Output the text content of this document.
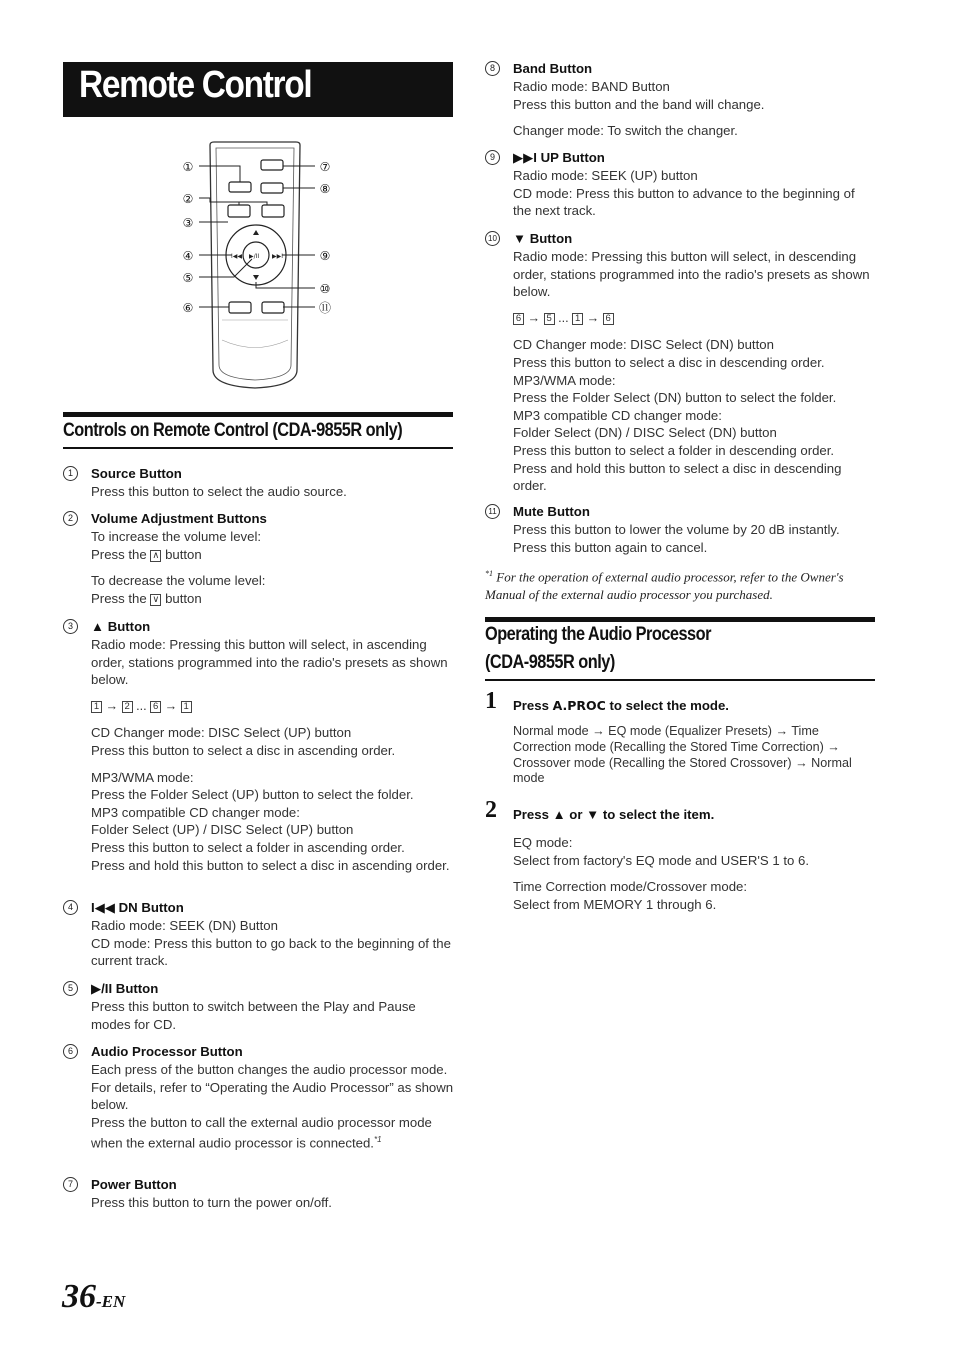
Remote Control
I◀◀	▶▶I
▶/II
①
②
③
④
⑤
⑥
⑦
⑧
⑨
⑩
⑪
Controls on Remote Control (CDA-9855R only)
1	Source Button

Press this button to select the audio source.

2	Volume Adjustment Buttons

To increase the volume level:

Press the ∧ button

To decrease the volume level:

Press the ∨ button

3	▲ Button

Radio mode: Pressing this button will select, in ascending order, stations programmed into the radio's presets as shown below.

1 → 2 ... 6 → 1

CD Changer mode: DISC Select (UP) button

Press this button to select a disc in ascending order.

MP3/WMA mode:

Press the Folder Select (UP) button to select the folder.

MP3 compatible CD changer mode:

Folder Select (UP) / DISC Select (UP) button

Press this button to select a folder in ascending order.

Press and hold this button to select a disc in ascending order.

4	I◀◀ DN Button

Radio mode: SEEK (DN) Button

CD mode: Press this button to go back to the beginning of the current track.

5	▶/II Button

Press this button to switch between the Play and Pause modes for CD.

6	Audio Processor Button

Each press of the button changes the audio processor mode.

For details, refer to “Operating the Audio Processor” as shown below.

Press the button to call the external audio processor mode when the external audio processor is connected.$^{*1}$

7	Power Button

Press this button to turn the power on/off.

8	Band Button

Radio mode: BAND Button

Press this button and the band will change.

Changer mode: To switch the changer.

9	▶▶I UP Button

Radio mode: SEEK (UP) button

CD mode: Press this button to advance to the beginning of the next track.

10 ▼ Button

Radio mode: Pressing this button will select, in descending order, stations programmed into the radio's presets as shown below.

6 → 5 ... 1 → 6

CD Changer mode: DISC Select (DN) button

Press this button to select a disc in descending order.

MP3/WMA mode:

Press the Folder Select (DN) button to select the folder.

MP3 compatible CD changer mode:

Folder Select (DN) / DISC Select (DN) button

Press this button to select a folder in descending order.

Press and hold this button to select a disc in descending order.

11 Mute Button

Press this button to lower the volume by 20 dB instantly.

Press this button again to cancel.

$^{*1}$ For the operation of external audio processor, refer to the Owner's Manual of the external audio processor you purchased.
Operating the Audio Processor
(CDA-9855R only)
1 Press A.PROC to select the mode.

Normal mode → EQ mode (Equalizer Presets) → Time Correction mode (Recalling the Stored Time Correction) → Crossover mode (Recalling the Stored Crossover) → Normal mode

2 Press ▲ or ▼ to select the item.

EQ mode:

Select from factory's EQ mode and USER'S 1 to 6.

Time Correction mode/Crossover mode:

Select from MEMORY 1 through 6.

36-EN
